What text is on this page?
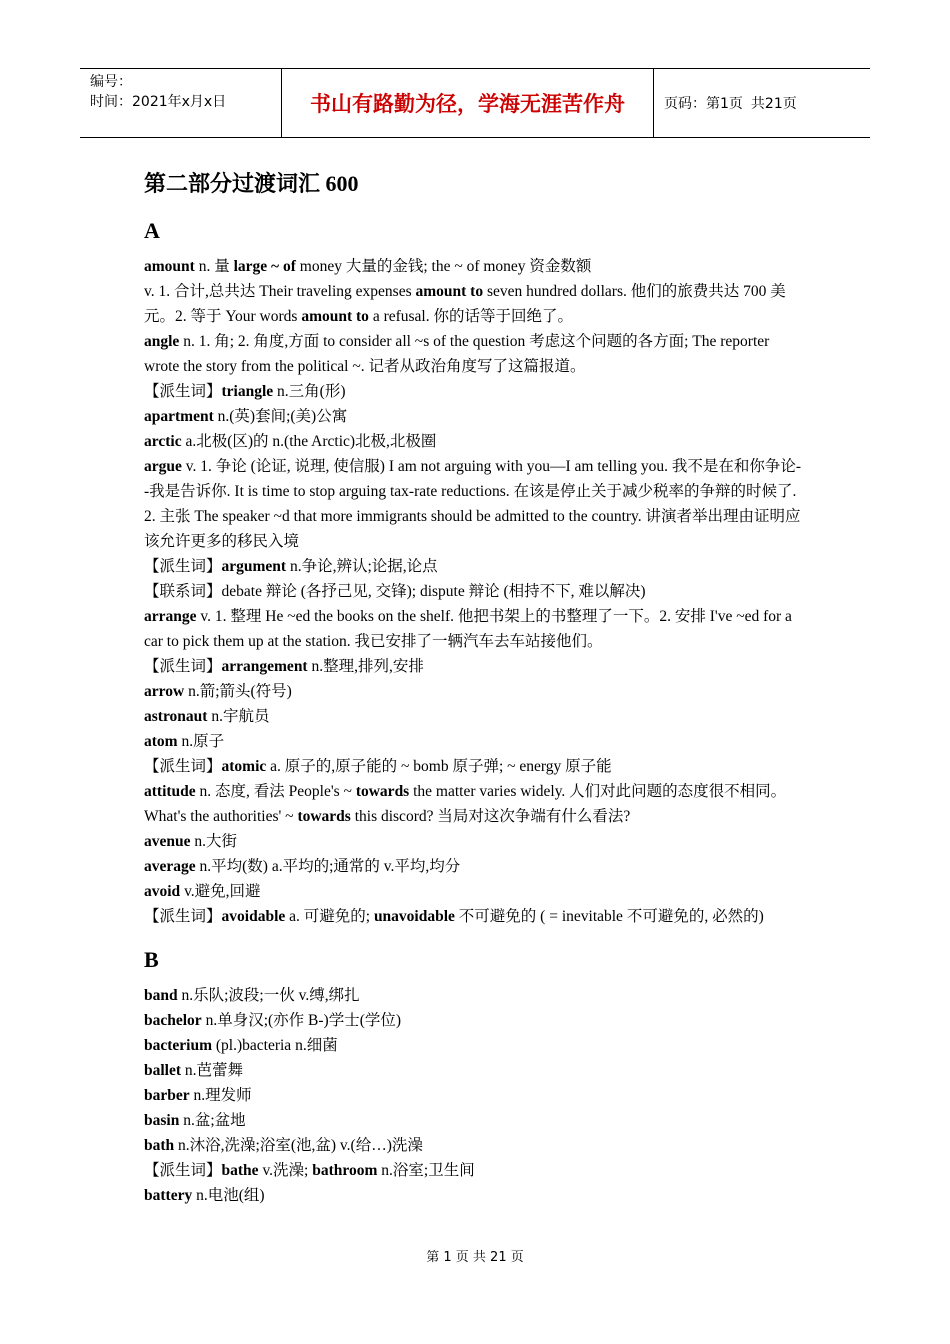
编号：
时间：2021年x月x日	书山有路勤为径，学海无涯苦作舟	页码：第1页 共21页
第二部分过渡词汇 600
A

amount n. 量 large ~ of money 大量的金钱; the ~ of money 资金数额

v. 1. 合计,总共达 Their traveling expenses amount to seven hundred dollars. 他们的旅费共达 700 美元。2. 等于 Your words amount to a refusal. 你的话等于回绝了。

angle n. 1. 角; 2. 角度,方面 to consider all ~s of the question 考虑这个问题的各方面; The reporter wrote the story from the political ~. 记者从政治角度写了这篇报道。

【派生词】triangle n.三角(形)

apartment n.(英)套间;(美)公寓

arctic a.北极(区)的 n.(the Arctic)北极,北极圈

argue v. 1. 争论 (论证, 说理, 使信服) I am not arguing with you—I am telling you. 我不是在和你争论--我是告诉你. It is time to stop arguing tax-rate reductions. 在该是停止关于减少税率的争辩的时候了. 2. 主张 The speaker ~d that more immigrants should be admitted to the country. 讲演者举出理由证明应该允许更多的移民入境

【派生词】argument n.争论,辨认;论据,论点

【联系词】debate 辩论 (各抒己见, 交锋); dispute 辩论 (相持不下, 难以解决)

arrange v. 1. 整理 He ~ed the books on the shelf. 他把书架上的书整理了一下。2. 安排 I've ~ed for a car to pick them up at the station. 我已安排了一辆汽车去车站接他们。

【派生词】arrangement n.整理,排列,安排

arrow n.箭;箭头(符号)

astronaut n.宇航员

atom n.原子

【派生词】atomic a. 原子的,原子能的 ~ bomb 原子弹; ~ energy 原子能

attitude n. 态度, 看法 People's ~ towards the matter varies widely. 人们对此问题的态度很不相同。What's the authorities' ~ towards this discord? 当局对这次争端有什么看法?

avenue n.大街

average n.平均(数) a.平均的;通常的 v.平均,均分

avoid v.避免,回避

【派生词】avoidable a. 可避免的; unavoidable 不可避免的 ( = inevitable 不可避免的, 必然的)

B

band n.乐队;波段;一伙 v.缚,绑扎

bachelor n.单身汉;(亦作 B-)学士(学位)

bacterium (pl.)bacteria n.细菌

ballet n.芭蕾舞

barber n.理发师

basin n.盆;盆地

bath n.沐浴,洗澡;浴室(池,盆) v.(给…)洗澡

【派生词】bathe v.洗澡; bathroom n.浴室;卫生间

battery n.电池(组)

第 1 页 共 21 页
